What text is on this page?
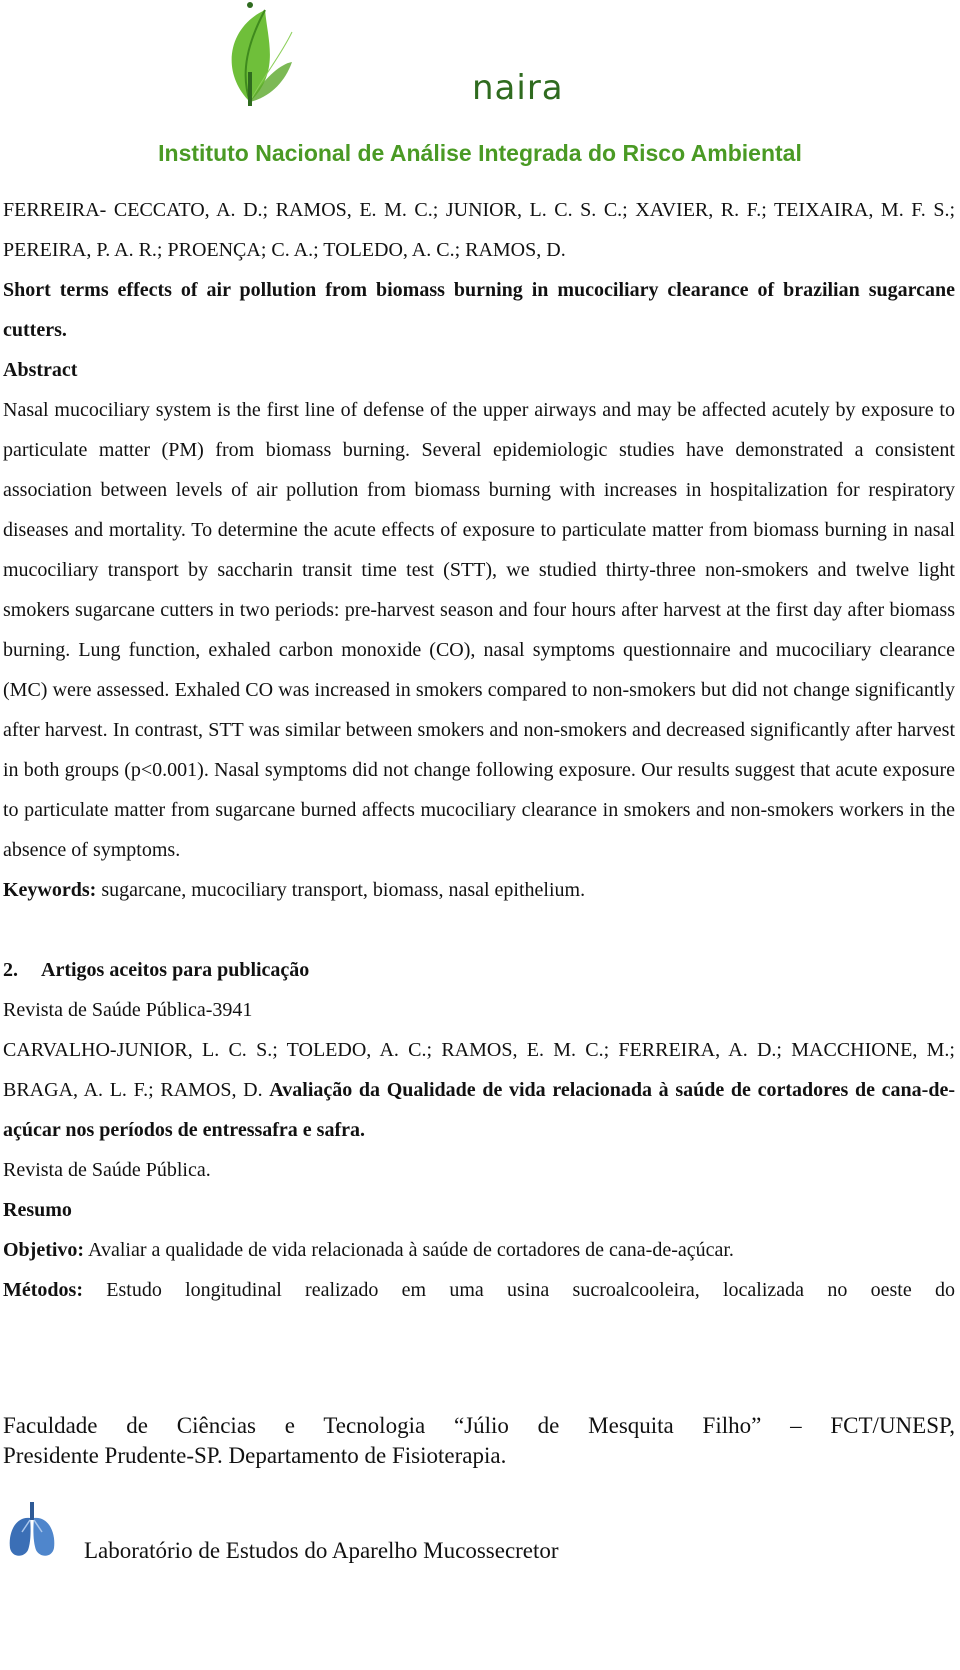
naira
Instituto Nacional de Análise Integrada do Risco Ambiental

FERREIRA- CECCATO, A. D.; RAMOS, E. M. C.; JUNIOR, L. C. S. C.; XAVIER, R. F.; TEIXAIRA, M. F. S.; PEREIRA, P. A. R.; PROENÇA; C. A.; TOLEDO, A. C.; RAMOS, D.

Short terms effects of air pollution from biomass burning in mucociliary clearance of brazilian sugarcane cutters.

Abstract

Nasal mucociliary system is the first line of defense of the upper airways and may be affected acutely by exposure to particulate matter (PM) from biomass burning. Several epidemiologic studies have demonstrated a consistent association between levels of air pollution from biomass burning with increases in hospitalization for respiratory diseases and mortality. To determine the acute effects of exposure to particulate matter from biomass burning in nasal mucociliary transport by saccharin transit time test (STT), we studied thirty-three non-smokers and twelve light smokers sugarcane cutters in two periods: pre-harvest season and four hours after harvest at the first day after biomass burning. Lung function, exhaled carbon monoxide (CO), nasal symptoms questionnaire and mucociliary clearance (MC) were assessed. Exhaled CO was increased in smokers compared to non-smokers but did not change significantly after harvest. In contrast, STT was similar between smokers and non-smokers and decreased significantly after harvest in both groups (p<0.001). Nasal symptoms did not change following exposure. Our results suggest that acute exposure to particulate matter from sugarcane burned affects mucociliary clearance in smokers and non-smokers workers in the absence of symptoms.

Keywords: sugarcane, mucociliary transport, biomass, nasal epithelium.

2. Artigos aceitos para publicação

Revista de Saúde Pública-3941

CARVALHO-JUNIOR, L. C. S.; TOLEDO, A. C.; RAMOS, E. M. C.; FERREIRA, A. D.; MACCHIONE, M.; BRAGA, A. L. F.; RAMOS, D. Avaliação da Qualidade de vida relacionada à saúde de cortadores de cana-de-açúcar nos períodos de entressafra e safra.

Revista de Saúde Pública.

Resumo

Objetivo: Avaliar a qualidade de vida relacionada à saúde de cortadores de cana-de-açúcar.

Métodos: Estudo longitudinal realizado em uma usina sucroalcooleira, localizada no oeste do

Faculdade de Ciências e Tecnologia “Júlio de Mesquita Filho” – FCT/UNESP,

Presidente Prudente-SP. Departamento de Fisioterapia.

Laboratório de Estudos do Aparelho Mucossecretor
